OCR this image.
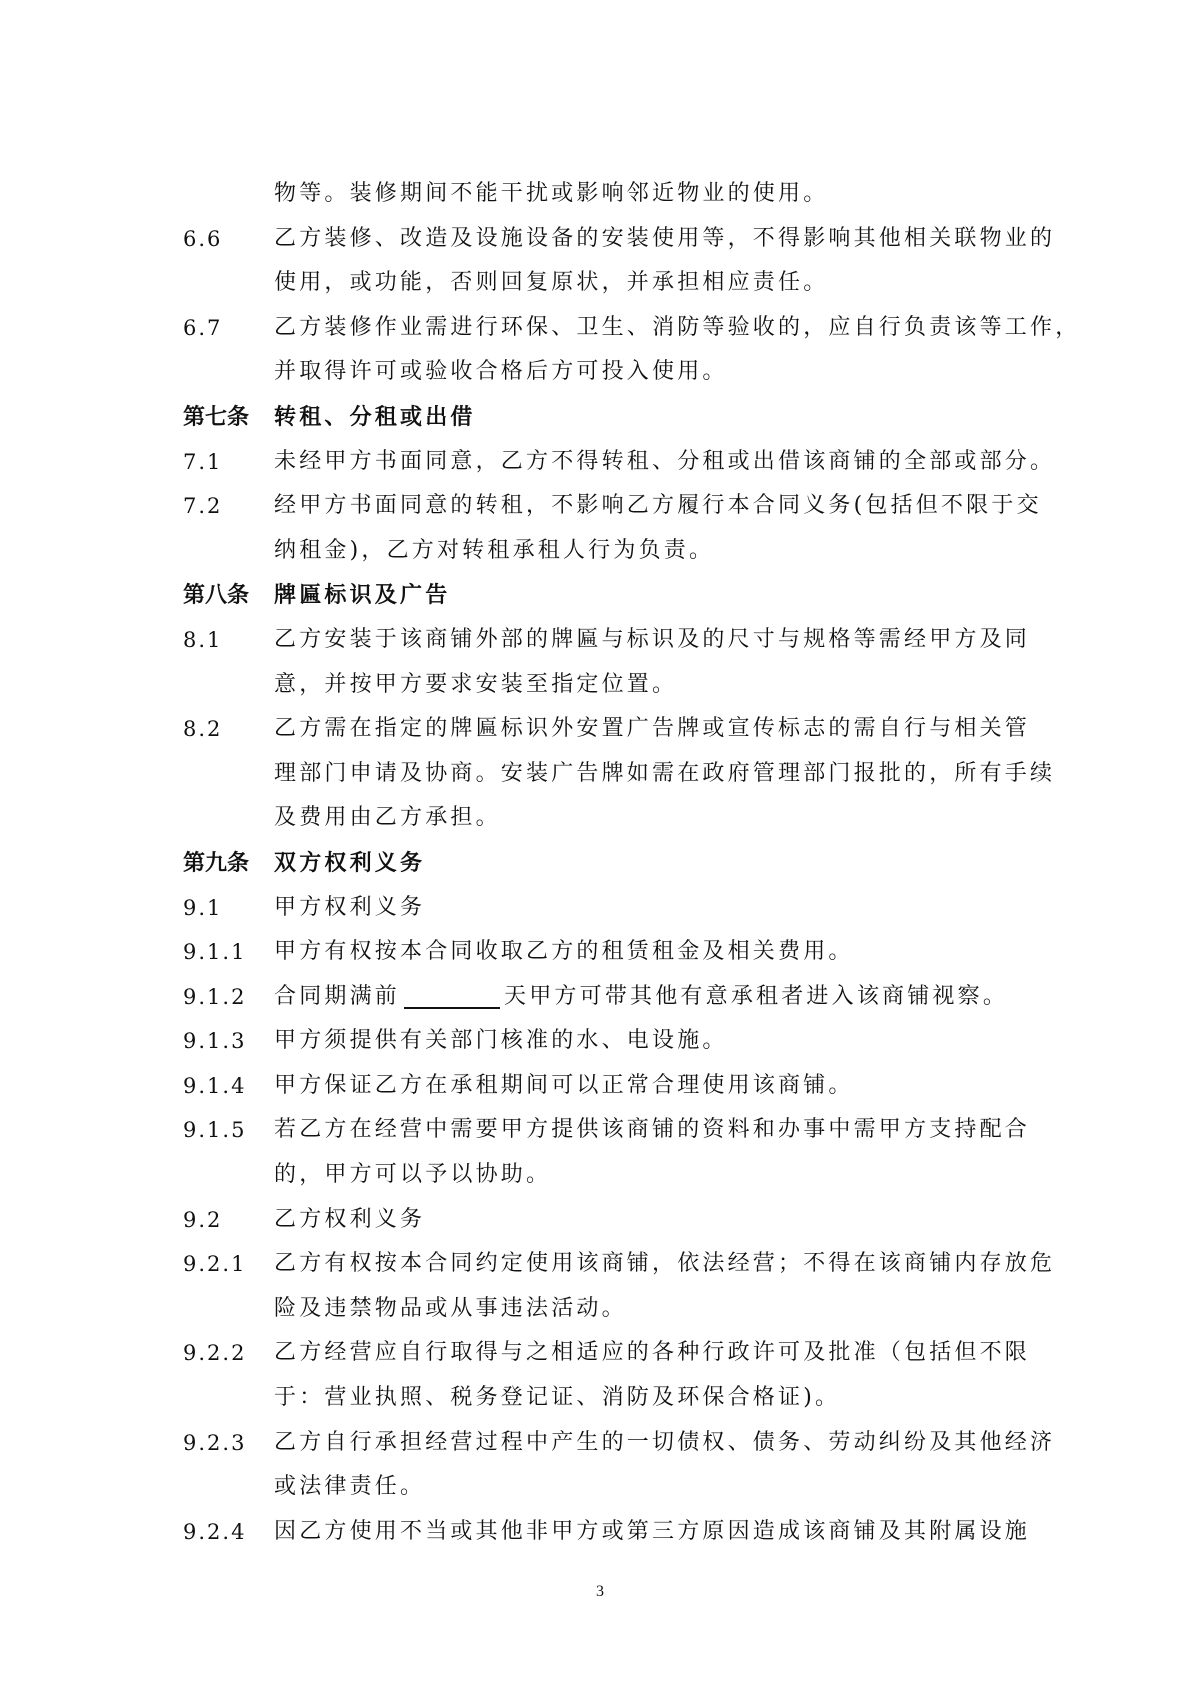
物等。装修期间不能干扰或影响邻近物业的使用。
6.6 乙方装修、改造及设施设备的安装使用等，不得影响其他相关联物业的
使用，或功能，否则回复原状，并承担相应责任。
6.7 乙方装修作业需进行环保、卫生、消防等验收的，应自行负责该等工作，
并取得许可或验收合格后方可投入使用。
第七条 转租、分租或出借
7.1 未经甲方书面同意，乙方不得转租、分租或出借该商铺的全部或部分。
7.2 经甲方书面同意的转租，不影响乙方履行本合同义务(包括但不限于交
纳租金)，乙方对转租承租人行为负责。
第八条 牌匾标识及广告
8.1 乙方安装于该商铺外部的牌匾与标识及的尺寸与规格等需经甲方及同
意，并按甲方要求安装至指定位置。
8.2 乙方需在指定的牌匾标识外安置广告牌或宣传标志的需自行与相关管
理部门申请及协商。安装广告牌如需在政府管理部门报批的，所有手续
及费用由乙方承担。
第九条 双方权利义务
9.1 甲方权利义务
9.1.1 甲方有权按本合同收取乙方的租赁租金及相关费用。
9.1.2 合同期满前	天甲方可带其他有意承租者进入该商铺视察。
9.1.3 甲方须提供有关部门核准的水、电设施。
9.1.4 甲方保证乙方在承租期间可以正常合理使用该商铺。
9.1.5 若乙方在经营中需要甲方提供该商铺的资料和办事中需甲方支持配合
的，甲方可以予以协助。
9.2 乙方权利义务
9.2.1 乙方有权按本合同约定使用该商铺，依法经营；不得在该商铺内存放危
险及违禁物品或从事违法活动。
9.2.2 乙方经营应自行取得与之相适应的各种行政许可及批准（包括但不限
于：营业执照、税务登记证、消防及环保合格证)。
9.2.3 乙方自行承担经营过程中产生的一切债权、债务、劳动纠纷及其他经济
或法律责任。
9.2.4 因乙方使用不当或其他非甲方或第三方原因造成该商铺及其附属设施
3
